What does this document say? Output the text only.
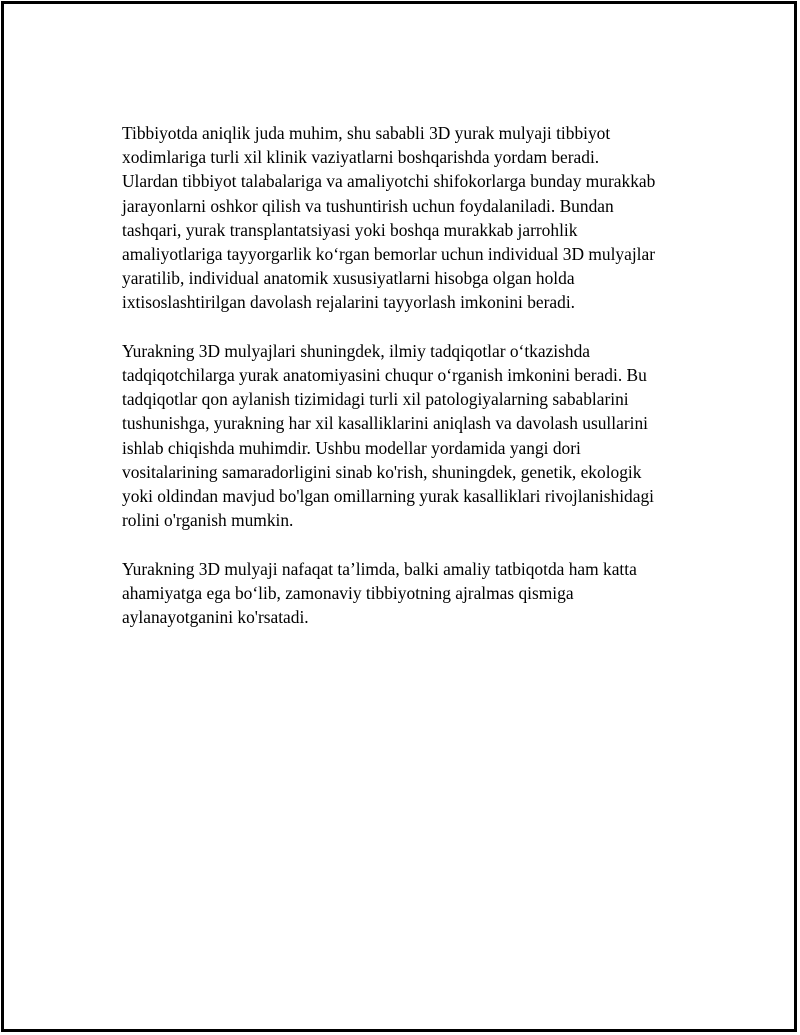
Tibbiyotda aniqlik juda muhim, shu sababli 3D yurak mulyaji tibbiyot
xodimlariga turli xil klinik vaziyatlarni boshqarishda yordam beradi.
Ulardan tibbiyot talabalariga va amaliyotchi shifokorlarga bunday murakkab
jarayonlarni oshkor qilish va tushuntirish uchun foydalaniladi. Bundan
tashqari, yurak transplantatsiyasi yoki boshqa murakkab jarrohlik
amaliyotlariga tayyorgarlik ko‘rgan bemorlar uchun individual 3D mulyajlar
yaratilib, individual anatomik xususiyatlarni hisobga olgan holda
ixtisoslashtirilgan davolash rejalarini tayyorlash imkonini beradi.

Yurakning 3D mulyajlari shuningdek, ilmiy tadqiqotlar o‘tkazishda
tadqiqotchilarga yurak anatomiyasini chuqur o‘rganish imkonini beradi. Bu
tadqiqotlar qon aylanish tizimidagi turli xil patologiyalarning sabablarini
tushunishga, yurakning har xil kasalliklarini aniqlash va davolash usullarini
ishlab chiqishda muhimdir. Ushbu modellar yordamida yangi dori
vositalarining samaradorligini sinab ko'rish, shuningdek, genetik, ekologik
yoki oldindan mavjud bo'lgan omillarning yurak kasalliklari rivojlanishidagi
rolini o'rganish mumkin.

Yurakning 3D mulyaji nafaqat ta’limda, balki amaliy tatbiqotda ham katta
ahamiyatga ega bo‘lib, zamonaviy tibbiyotning ajralmas qismiga
aylanayotganini ko'rsatadi.
